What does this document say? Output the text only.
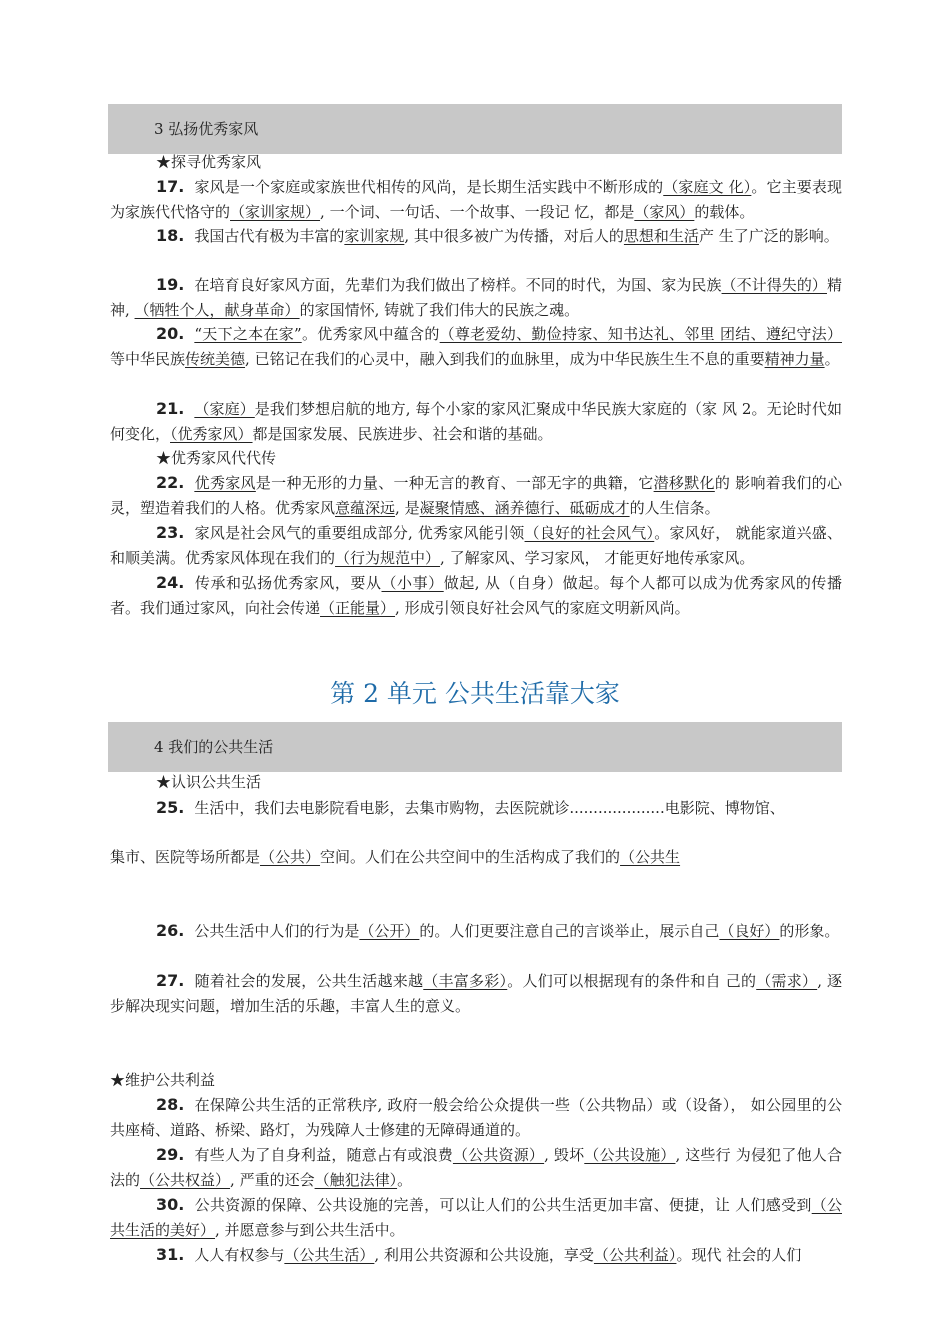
3 弘扬优秀家风
★探寻优秀家风
17. 家风是一个家庭或家族世代相传的风尚，是长期生活实践中不断形成的（家庭文 化）。它主要表现为家族代代恪守的（家训家规）, 一个词、一句话、一个故事、一段记 忆，都是（家风）的载体。
18. 我国古代有极为丰富的家训家规, 其中很多被广为传播，对后人的思想和生活产 生了广泛的影响。
19. 在培育良好家风方面，先辈们为我们做出了榜样。不同的时代，为国、家为民族（不计得失的）精神, （牺牲个人，献身革命）的家国情怀, 铸就了我们伟大的民族之魂。
20. “天下之本在家”。优秀家风中蕴含的（尊老爱幼、勤俭持家、知书达礼、邻里 团结、遵纪守法）等中华民族传统美德, 已铭记在我们的心灵中，融入到我们的血脉里，成为中华民族生生不息的重要精神力量。
21. （家庭）是我们梦想启航的地方, 每个小家的家风汇聚成中华民族大家庭的（家 风 2。无论时代如何变化，（优秀家风）都是国家发展、民族进步、社会和谐的基础。
★优秀家风代代传
22. 优秀家风是一种无形的力量、一种无言的教育、一部无字的典籍，它潜移默化的 影响着我们的心灵，塑造着我们的人格。优秀家风意蕴深远, 是凝聚情感、涵养德行、砥砺成才的人生信条。
23. 家风是社会风气的重要组成部分, 优秀家风能引领（良好的社会风气）。家风好， 就能家道兴盛、和顺美满。优秀家风体现在我们的（行为规范中）, 了解家风、学习家风， 才能更好地传承家风。
24. 传承和弘扬优秀家风，要从（小事）做起, 从（自身）做起。每个人都可以成为优秀家风的传播者。我们通过家风，向社会传递（正能量）, 形成引领良好社会风气的家庭文明新风尚。
第 2 单元 公共生活靠大家
4 我们的公共生活
★认识公共生活
25. 生活中，我们去电影院看电影，去集市购物，去医院就诊....................电影院、博物馆、
集市、医院等场所都是（公共）空间。人们在公共空间中的生活构成了我们的（公共生
26. 公共生活中人们的行为是（公开）的。人们更要注意自己的言谈举止，展示自己（良好）的形象。
27. 随着社会的发展，公共生活越来越（丰富多彩）。人们可以根据现有的条件和自 己的（需求）, 逐步解决现实问题，增加生活的乐趣，丰富人生的意义。
★维护公共利益
28. 在保障公共生活的正常秩序, 政府一般会给公众提供一些（公共物品）或（设备）， 如公园里的公共座椅、道路、桥梁、路灯，为残障人士修建的无障碍通道的。
29. 有些人为了自身利益，随意占有或浪费（公共资源）, 毁坏（公共设施）, 这些行 为侵犯了他人合法的（公共权益）, 严重的还会（触犯法律）。
30. 公共资源的保障、公共设施的完善，可以让人们的公共生活更加丰富、便捷，让 人们感受到（公共生活的美好）, 并愿意参与到公共生活中。
31. 人人有权参与（公共生活）, 利用公共资源和公共设施，享受（公共利益）。现代 社会的人们
